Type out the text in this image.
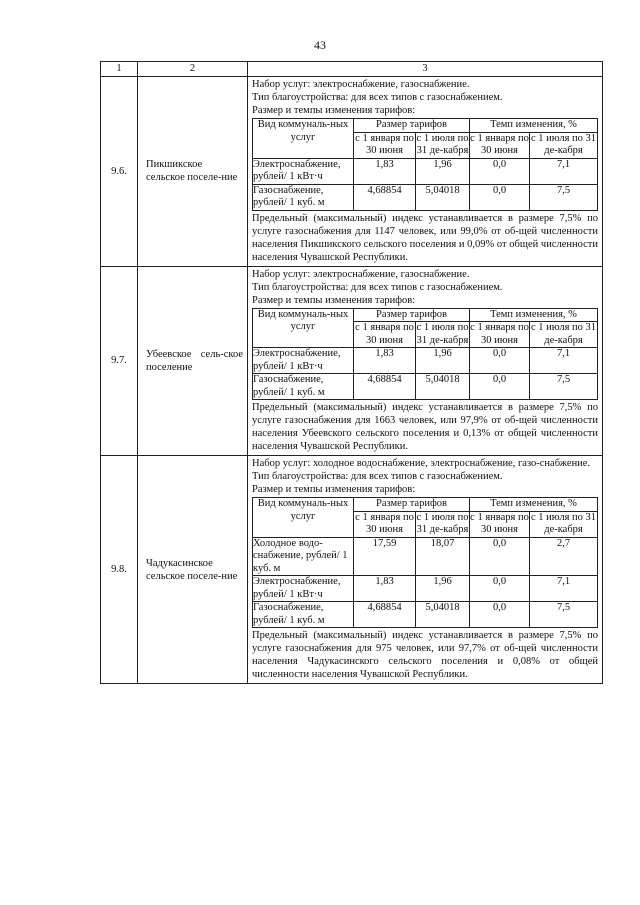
43
1	2	3
9.6.	Пикшикское сельское поселе-ние	
Набор услуг: электроснабжение, газоснабжение.
Тип благоустройства: для всех типов с газоснабжением.
Размер и темпы изменения тарифов:
Вид коммуналь-ных услуг	Размер тарифов	Темп изменения, %
с 1 января по 30 июня	с 1 июля по 31 де-кабря	с 1 января по 30 июня	с 1 июля по 31 де-кабря
Электроснабжение, рублей/ 1 кВт·ч	1,83	1,96	0,0	7,1
Газоснабжение, рублей/ 1 куб. м	4,68854	5,04018	0,0	7,5
Предельный (максимальный) индекс устанавливается в размере 7,5% по услуге газоснабжения для 1147 человек, или 99,0% от об-щей численности населения Пикшикского сельского поселения и 0,09% от общей численности населения Чувашской Республики.

9.7.	Убеевское сель-ское поселение	
Набор услуг: электроснабжение, газоснабжение.
Тип благоустройства: для всех типов с газоснабжением.
Размер и темпы изменения тарифов:
Вид коммуналь-ных услуг	Размер тарифов	Темп изменения, %
с 1 января по 30 июня	с 1 июля по 31 де-кабря	с 1 января по 30 июня	с 1 июля по 31 де-кабря
Электроснабжение, рублей/ 1 кВт·ч	1,83	1,96	0,0	7,1
Газоснабжение, рублей/ 1 куб. м	4,68854	5,04018	0,0	7,5
Предельный (максимальный) индекс устанавливается в размере 7,5% по услуге газоснабжения для 1663 человек, или 97,9% от об-щей численности населения Убеевского сельского поселения и 0,13% от общей численности населения Чувашской Республики.

9.8.	Чадукасинское сельское поселе-ние	
Набор услуг: холодное водоснабжение, электроснабжение, газо-снабжение.
Тип благоустройства: для всех типов с газоснабжением.
Размер и темпы изменения тарифов:
Вид коммуналь-ных услуг	Размер тарифов	Темп изменения, %
с 1 января по 30 июня	с 1 июля по 31 де-кабря	с 1 января по 30 июня	с 1 июля по 31 де-кабря
Холодное водо-снабжение, рублей/ 1 куб. м	17,59	18,07	0,0	2,7
Электроснабжение, рублей/ 1 кВт·ч	1,83	1,96	0,0	7,1
Газоснабжение, рублей/ 1 куб. м	4,68854	5,04018	0,0	7,5
Предельный (максимальный) индекс устанавливается в размере 7,5% по услуге газоснабжения для 975 человек, или 97,7% от об-щей численности населения Чадукасинского сельского поселения и 0,08% от общей численности населения Чувашской Республики.
